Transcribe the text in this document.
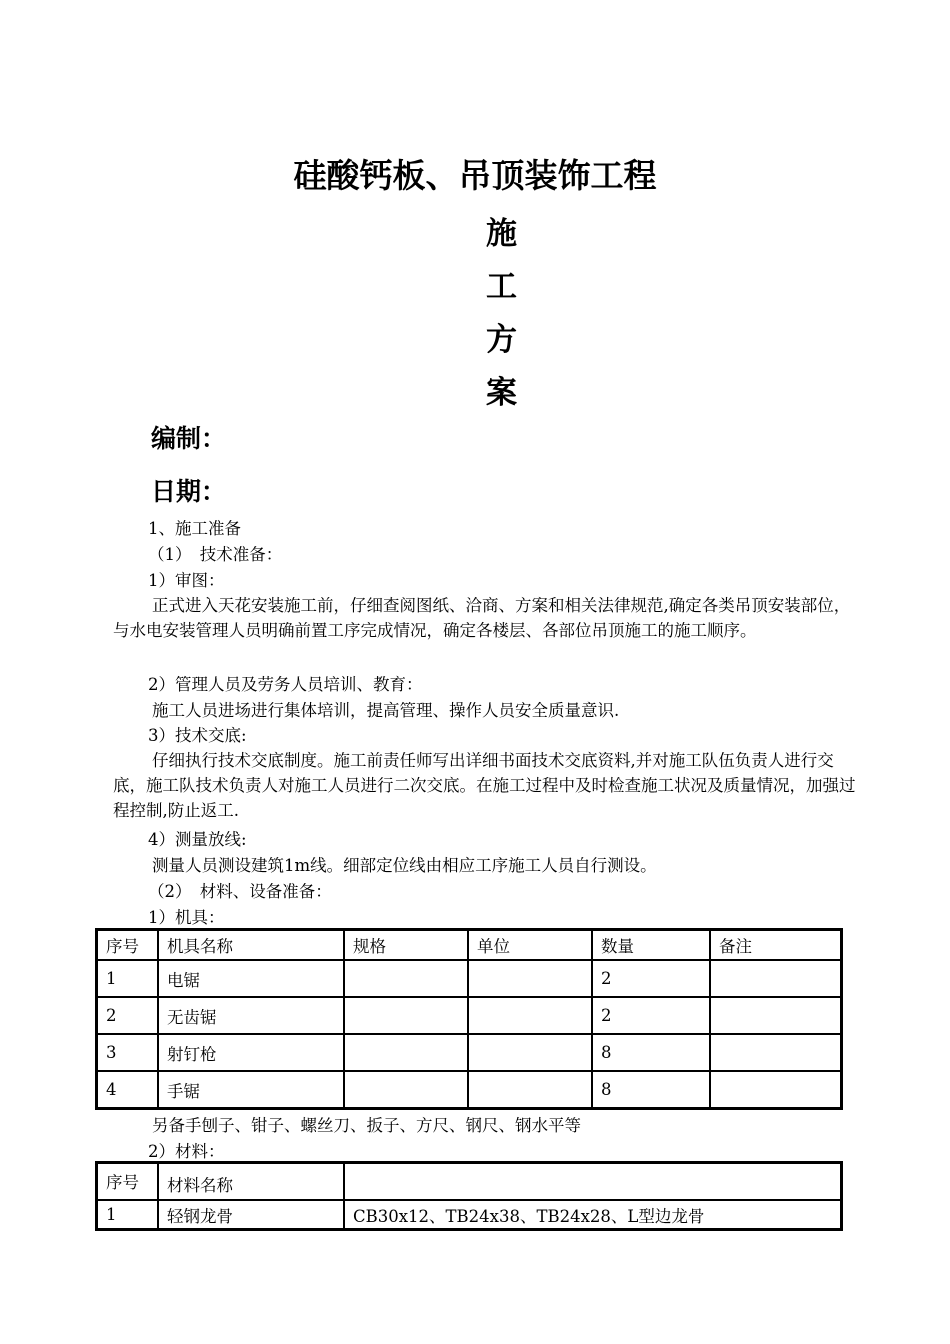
硅酸钙板、吊顶装饰工程
施
工
方
案
编制：
日期：
1、施工准备
（1）　技术准备：
1）审图：
正式进入天花安装施工前，仔细查阅图纸、洽商、方案和相关法律规范,确定各类吊顶安装部位，与水电安装管理人员明确前置工序完成情况，确定各楼层、各部位吊顶施工的施工顺序。
2）管理人员及劳务人员培训、教育：
施工人员进场进行集体培训，提高管理、操作人员安全质量意识.
3）技术交底:
仔细执行技术交底制度。施工前责任师写出详细书面技术交底资料,并对施工队伍负责人进行交底，施工队技术负责人对施工人员进行二次交底。在施工过程中及时检查施工状况及质量情况，加强过程控制,防止返工.
4）测量放线:
测量人员测设建筑1m线。细部定位线由相应工序施工人员自行测设。
（2）　材料、设备准备：
1）机具：
序号	机具名称	规格	单位	数量	备注
1	电锯			2	
2	无齿锯			2	
3	射钉枪			8	
4	手锯			8	
另备手刨子、钳子、螺丝刀、扳子、方尺、钢尺、钢水平等
2）材料：
序号	材料名称	
1	轻钢龙骨	CB30x12、TB24x38、TB24x28、L型边龙骨
